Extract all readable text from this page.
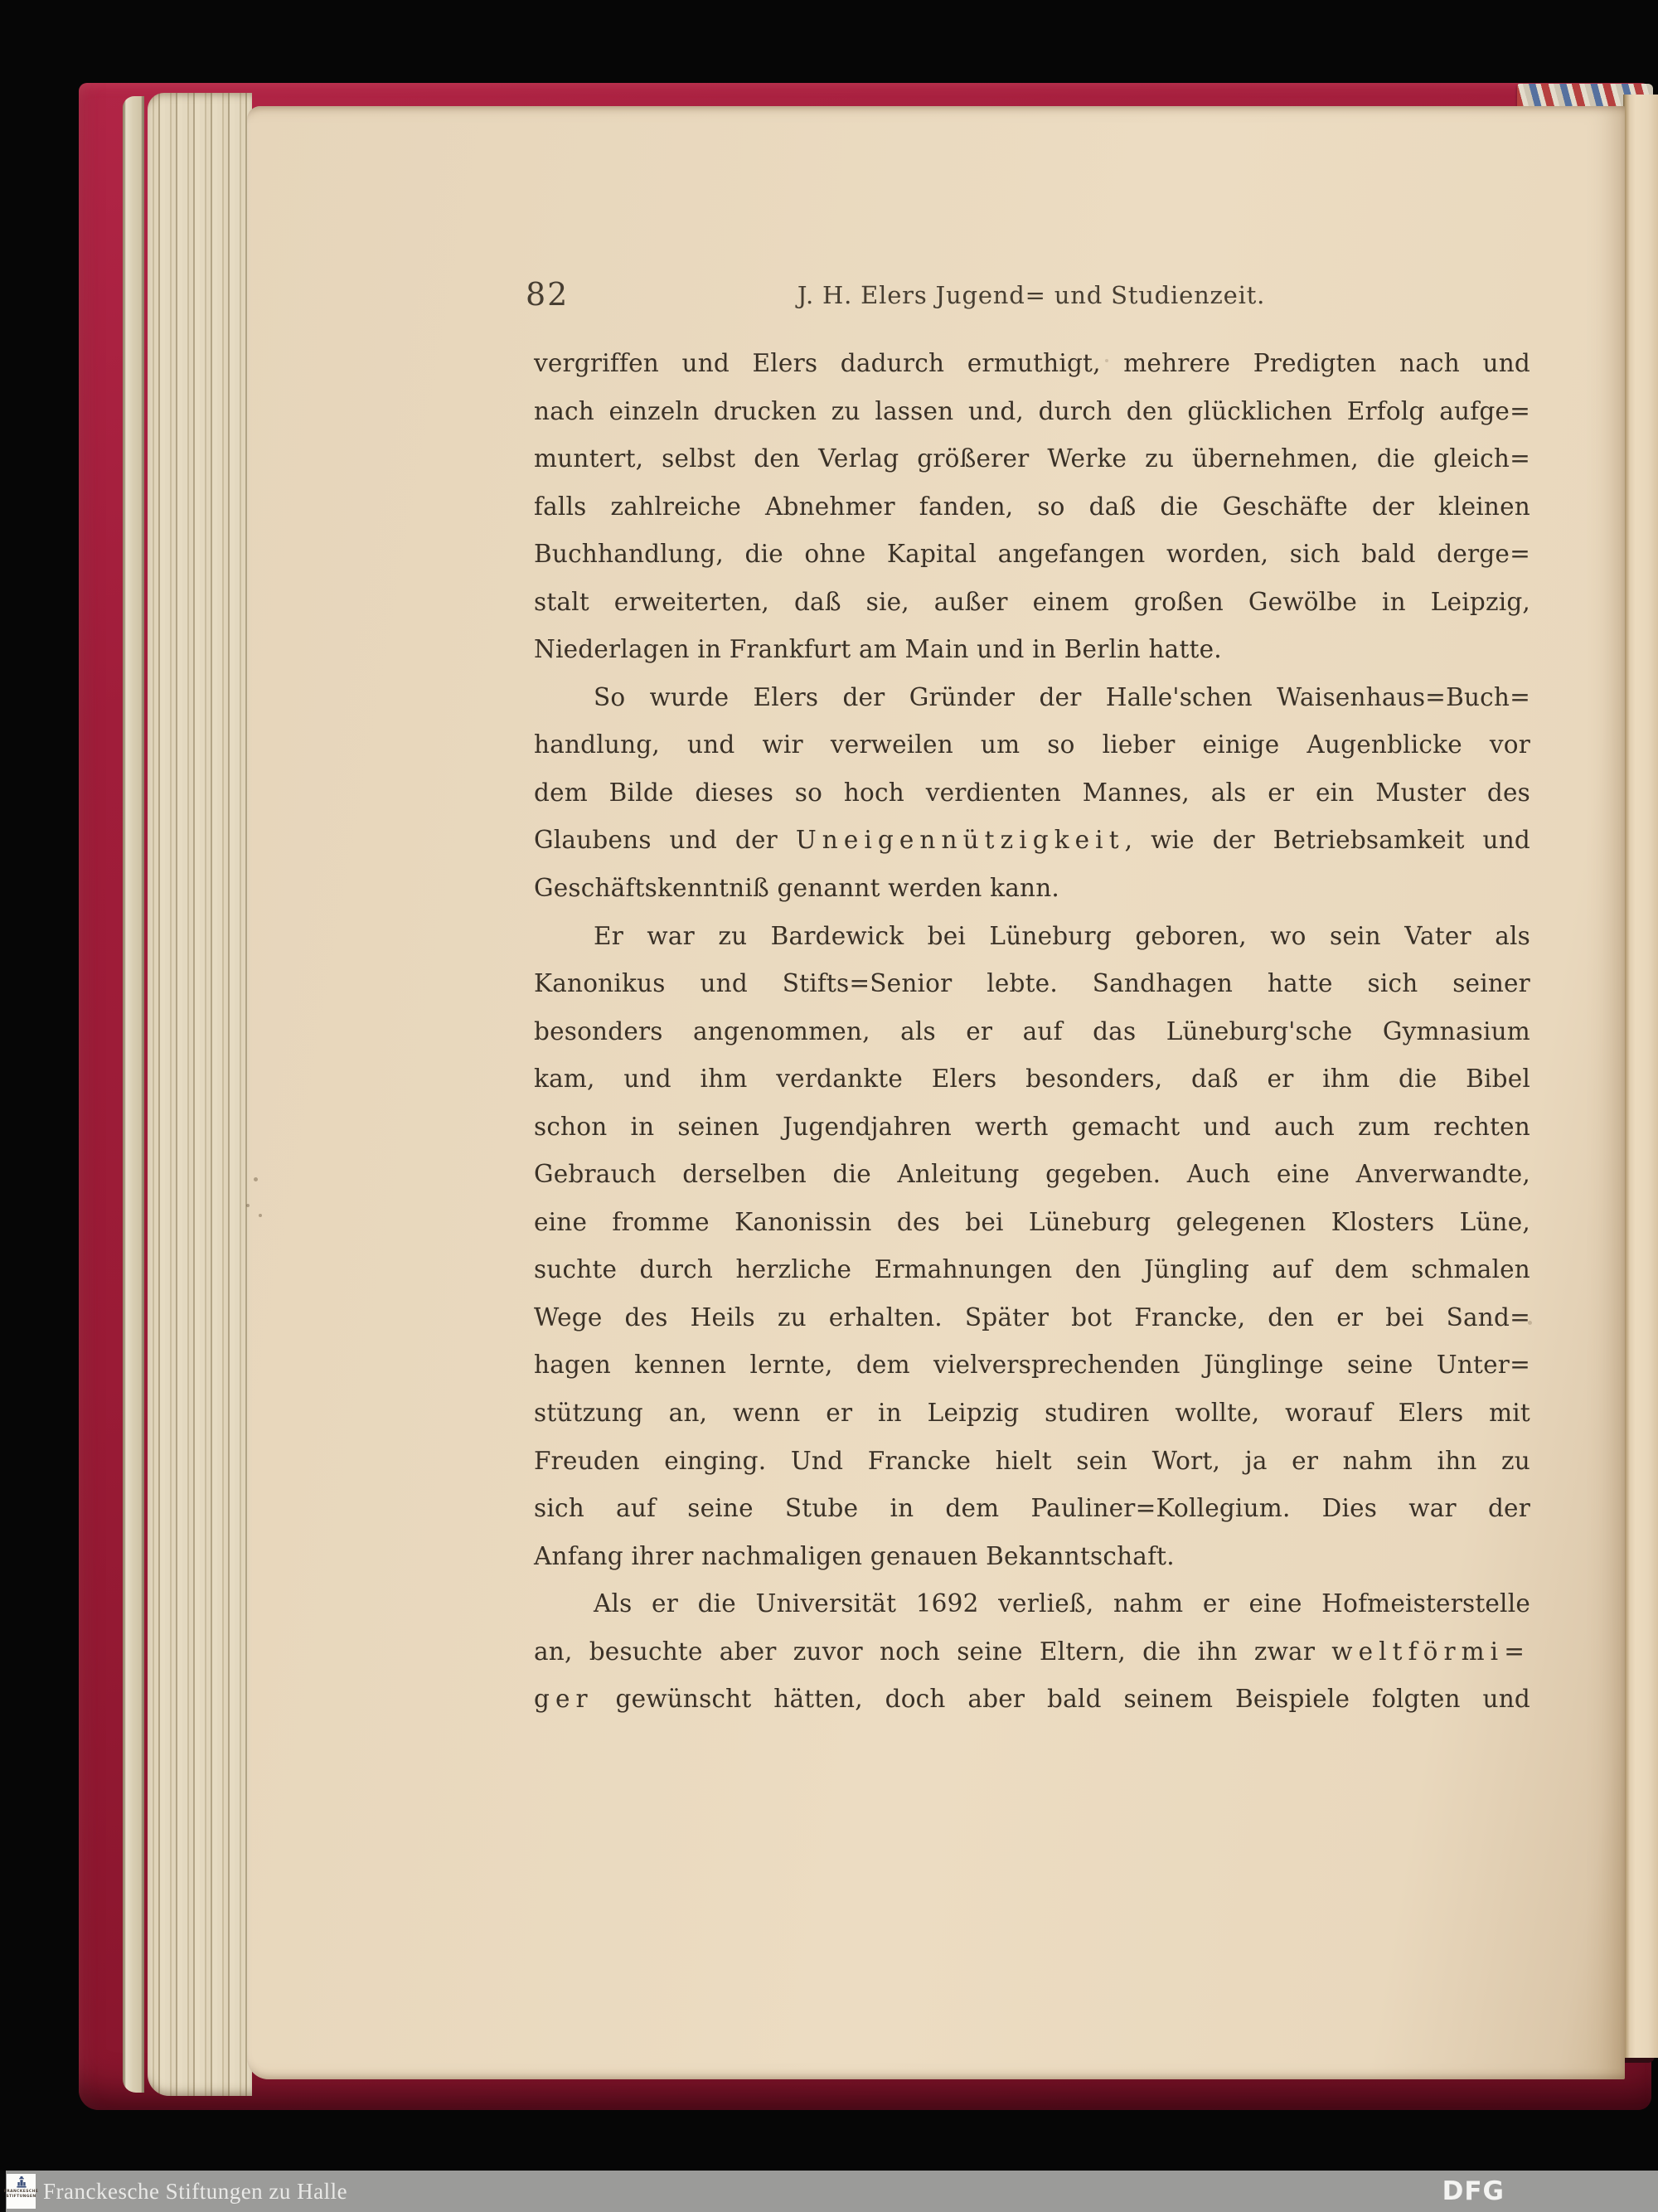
82	J. H. Elers Jugend= und Studienzeit.
vergriffen und Elers dadurch ermuthigt, mehrere Predigten nach und
nach einzeln drucken zu lassen und, durch den glücklichen Erfolg aufge=
muntert, selbst den Verlag größerer Werke zu übernehmen, die gleich=
falls zahlreiche Abnehmer fanden, so daß die Geschäfte der kleinen
Buchhandlung, die ohne Kapital angefangen worden, sich bald derge=
stalt erweiterten, daß sie, außer einem großen Gewölbe in Leipzig,
Niederlagen in Frankfurt am Main und in Berlin hatte.
So wurde Elers der Gründer der Halle'schen Waisenhaus=Buch=
handlung, und wir verweilen um so lieber einige Augenblicke vor
dem Bilde dieses so hoch verdienten Mannes, als er ein Muster des
Glaubens und der Uneigennützigkeit, wie der Betriebsamkeit und
Geschäftskenntniß genannt werden kann.
Er war zu Bardewick bei Lüneburg geboren, wo sein Vater als
Kanonikus und Stifts=Senior lebte. Sandhagen hatte sich seiner
besonders angenommen, als er auf das Lüneburg'sche Gymnasium
kam, und ihm verdankte Elers besonders, daß er ihm die Bibel
schon in seinen Jugendjahren werth gemacht und auch zum rechten
Gebrauch derselben die Anleitung gegeben. Auch eine Anverwandte,
eine fromme Kanonissin des bei Lüneburg gelegenen Klosters Lüne,
suchte durch herzliche Ermahnungen den Jüngling auf dem schmalen
Wege des Heils zu erhalten. Später bot Francke, den er bei Sand=
hagen kennen lernte, dem vielversprechenden Jünglinge seine Unter=
stützung an, wenn er in Leipzig studiren wollte, worauf Elers mit
Freuden einging. Und Francke hielt sein Wort, ja er nahm ihn zu
sich auf seine Stube in dem Pauliner=Kollegium. Dies war der
Anfang ihrer nachmaligen genauen Bekanntschaft.
Als er die Universität 1692 verließ, nahm er eine Hofmeisterstelle
an, besuchte aber zuvor noch seine Eltern, die ihn zwar weltförmi=
ger gewünscht hätten, doch aber bald seinem Beispiele folgten und
FRANCKESCHE
STIFTUNGEN Franckesche Stiftungen zu Halle	DFG
